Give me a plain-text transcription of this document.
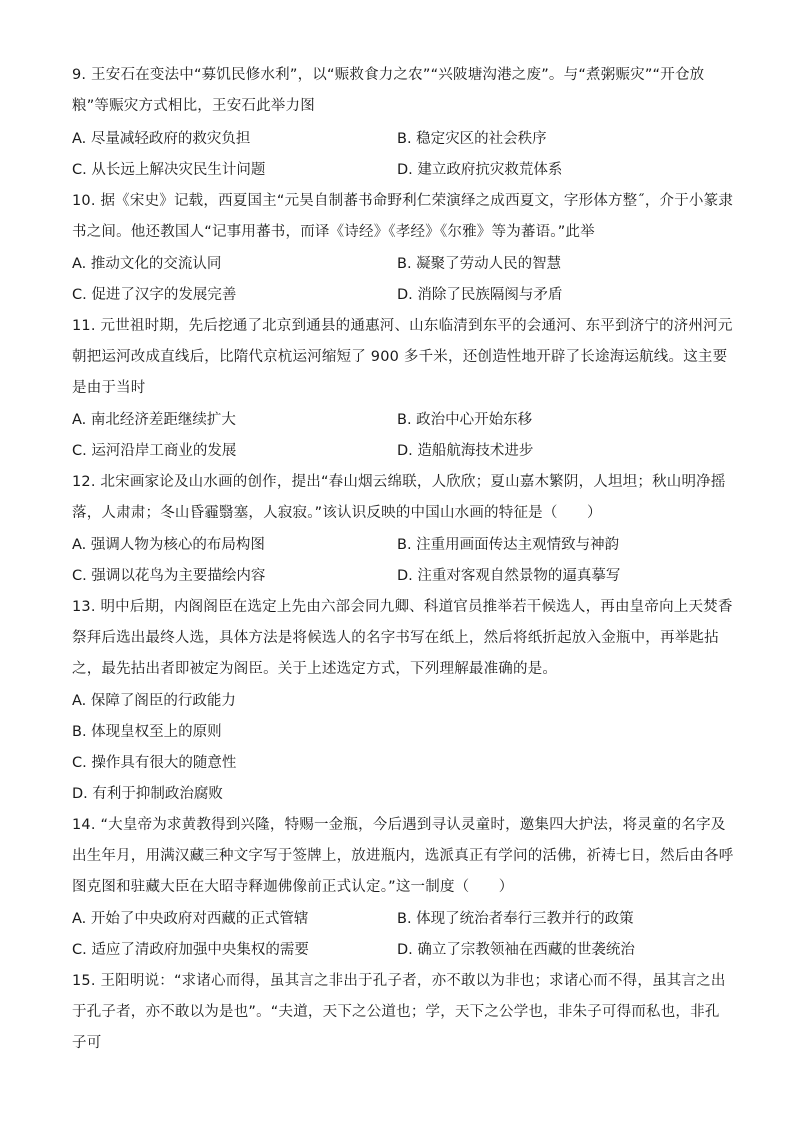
9. 王安石在变法中“募饥民修水利”，以“赈救食力之农”“兴陂塘沟港之废”。与“煮粥赈灾”“开仓放粮”等赈灾方式相比，王安石此举力图
A. 尽量减轻政府的救灾负担	B. 稳定灾区的社会秩序
C. 从长远上解决灾民生计问题	D. 建立政府抗灾救荒体系
10. 据《宋史》记载，西夏国主“元昊自制蕃书命野利仁荣演绎之成西夏文，字形体方整˝，介于小篆隶书之间。他还教国人“记事用蕃书，而译《诗经》《孝经》《尔雅》等为蕃语。”此举
A. 推动文化的交流认同	B. 凝聚了劳动人民的智慧
C. 促进了汉字的发展完善	D. 消除了民族隔阂与矛盾
11. 元世祖时期，先后挖通了北京到通县的通惠河、山东临清到东平的会通河、东平到济宁的济州河元朝把运河改成直线后，比隋代京杭运河缩短了 900 多千米，还创造性地开辟了长途海运航线。这主要是由于当时
A. 南北经济差距继续扩大	B. 政治中心开始东移
C. 运河沿岸工商业的发展	D. 造船航海技术进步
12. 北宋画家论及山水画的创作，提出“春山烟云绵联，人欣欣；夏山嘉木繁阴，人坦坦；秋山明净摇落，人肃肃；冬山昏霾翳塞，人寂寂。”该认识反映的中国山水画的特征是（　　）
A. 强调人物为核心的布局构图	B. 注重用画面传达主观情致与神韵
C. 强调以花鸟为主要描绘内容	D. 注重对客观自然景物的逼真摹写
13. 明中后期，内阁阁臣在选定上先由六部会同九卿、科道官员推举若干候选人，再由皇帝向上天焚香祭拜后选出最终人选，具体方法是将候选人的名字书写在纸上，然后将纸折起放入金瓶中，再举匙拈之，最先拈出者即被定为阁臣。关于上述选定方式，下列理解最准确的是。
A. 保障了阁臣的行政能力
B. 体现皇权至上的原则
C. 操作具有很大的随意性
D. 有利于抑制政治腐败
14. “大皇帝为求黄教得到兴隆，特赐一金瓶，今后遇到寻认灵童时，邀集四大护法，将灵童的名字及出生年月，用满汉藏三种文字写于签牌上，放进瓶内，选派真正有学问的活佛，祈祷七日，然后由各呼图克图和驻藏大臣在大昭寺释迦佛像前正式认定。”这一制度（　　）
A. 开始了中央政府对西藏的正式管辖	B. 体现了统治者奉行三教并行的政策
C. 适应了清政府加强中央集权的需要	D. 确立了宗教领袖在西藏的世袭统治
15. 王阳明说：“求诸心而得，虽其言之非出于孔子者，亦不敢以为非也；求诸心而不得，虽其言之出于孔子者，亦不敢以为是也”。“夫道，天下之公道也；学，天下之公学也，非朱子可得而私也，非孔子可
